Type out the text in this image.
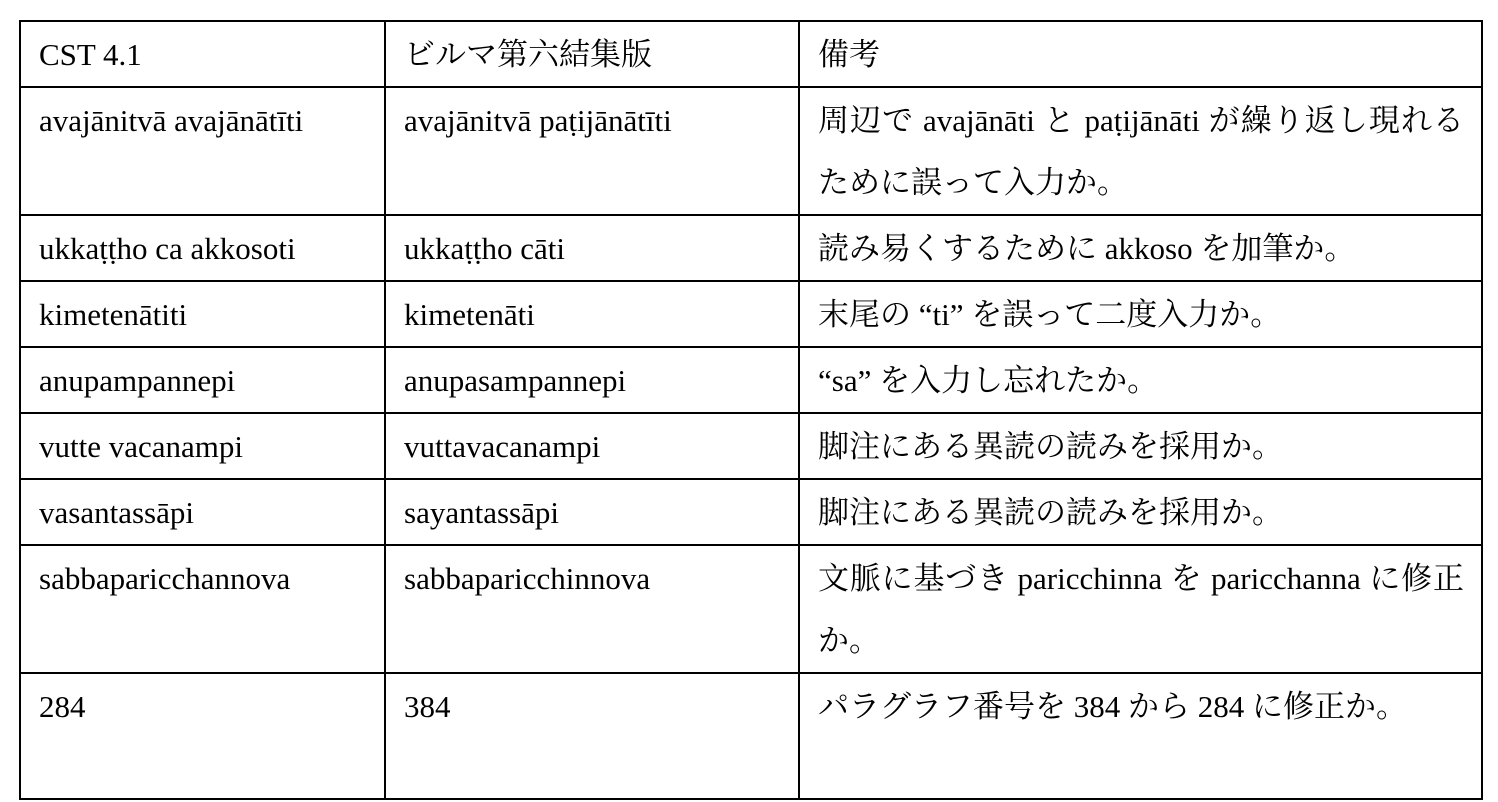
CST 4.1	ビルマ第六結集版	備考

avajānitvā avajānātīti	avajānitvā paṭijānātīti	周辺で avajānāti と paṭijānāti が繰り返し現れるために誤って入力か。

ukkaṭṭho ca akkosoti	ukkaṭṭho cāti	読み易くするために akkoso を加筆か。

kimetenātiti	kimetenāti	末尾の “ti” を誤って二度入力か。

anupampannepi	anupasampannepi	“sa” を入力し忘れたか。

vutte vacanampi	vuttavacanampi	脚注にある異読の読みを採用か。

vasantassāpi	sayantassāpi	脚注にある異読の読みを採用か。

sabbaparicchannova	sabbaparicchinnova	文脈に基づき paricchinna を paricchanna に修正か。

284	384	パラグラフ番号を 384 から 284 に修正か。
